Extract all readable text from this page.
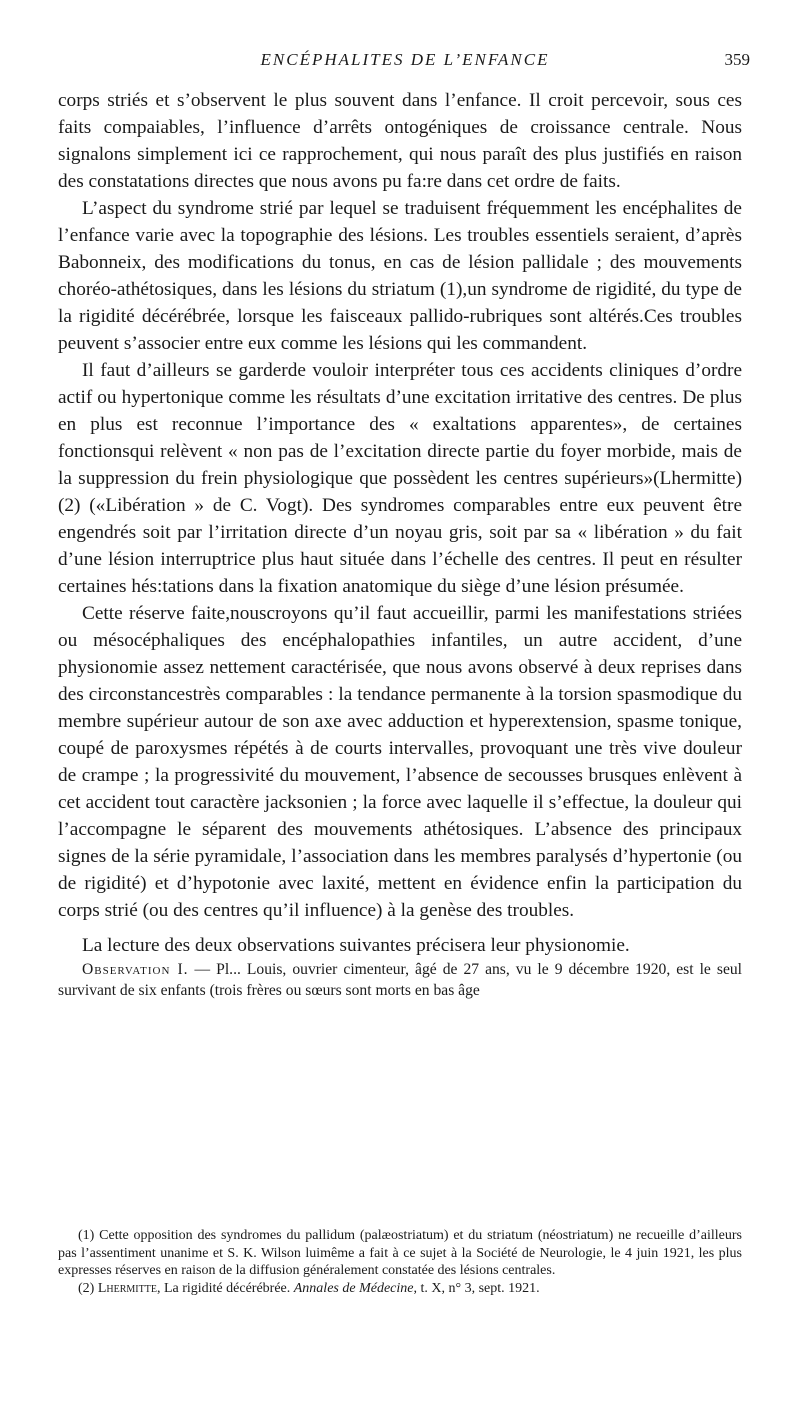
ENCÉPHALITES DE L’ENFANCE	359

corps striés et s’observent le plus souvent dans l’enfance. Il croit percevoir, sous ces faits compaiables, l’influence d’arrêts ontogéniques de croissance centrale. Nous signalons simplement ici ce rapprochement, qui nous paraît des plus justifiés en raison des constatations directes que nous avons pu fa:re dans cet ordre de faits.

L’aspect du syndrome strié par lequel se traduisent fréquemment les encéphalites de l’enfance varie avec la topographie des lésions. Les troubles essentiels seraient, d’après Babonneix, des modifications du tonus, en cas de lésion pallidale ; des mouvements choréo-athétosiques, dans les lésions du striatum (1),un syndrome de rigidité, du type de la rigidité décérébrée, lorsque les faisceaux pallido-rubriques sont altérés.Ces troubles peuvent s’associer entre eux comme les lésions qui les commandent.

Il faut d’ailleurs se garderde vouloir interpréter tous ces accidents cliniques d’ordre actif ou hypertonique comme les résultats d’une excitation irritative des centres. De plus en plus est reconnue l’importance des « exaltations apparentes», de certaines fonctionsqui relèvent « non pas de l’excitation directe partie du foyer morbide, mais de la suppression du frein physiologique que possèdent les centres supérieurs»(Lhermitte)(2) («Libération » de C. Vogt). Des syndromes comparables entre eux peuvent être engendrés soit par l’irritation directe d’un noyau gris, soit par sa « libération » du fait d’une lésion interruptrice plus haut située dans l’échelle des centres. Il peut en résulter certaines hés:tations dans la fixation anatomique du siège d’une lésion présumée.

Cette réserve faite,nouscroyons qu’il faut accueillir, parmi les manifestations striées ou mésocéphaliques des encéphalopathies infantiles, un autre accident, d’une physionomie assez nettement caractérisée, que nous avons observé à deux reprises dans des circonstancestrès comparables : la tendance permanente à la torsion spasmodique du membre supérieur autour de son axe avec adduction et hyperextension, spasme tonique, coupé de paroxysmes répétés à de courts intervalles, provoquant une très vive douleur de crampe ; la progressivité du mouvement, l’absence de secousses brusques enlèvent à cet accident tout caractère jacksonien ; la force avec laquelle il s’effectue, la douleur qui l’accompagne le séparent des mouvements athétosiques. L’absence des principaux signes de la série pyramidale, l’association dans les membres paralysés d’hypertonie (ou de rigidité) et d’hypotonie avec laxité, mettent en évidence enfin la participation du corps strié (ou des centres qu’il influence) à la genèse des troubles.

La lecture des deux observations suivantes précisera leur physionomie.

Observation I. — Pl... Louis, ouvrier cimenteur, âgé de 27 ans, vu le 9 décembre 1920, est le seul survivant de six enfants (trois frères ou sœurs sont morts en bas âge

(1) Cette opposition des syndromes du pallidum (palæostriatum) et du striatum (néostriatum) ne recueille d’ailleurs pas l’assentiment unanime et S. K. Wilson luimême a fait à ce sujet à la Société de Neurologie, le 4 juin 1921, les plus expresses réserves en raison de la diffusion généralement constatée des lésions centrales.

(2) Lhermitte, La rigidité décérébrée. Annales de Médecine, t. X, n° 3, sept. 1921.
